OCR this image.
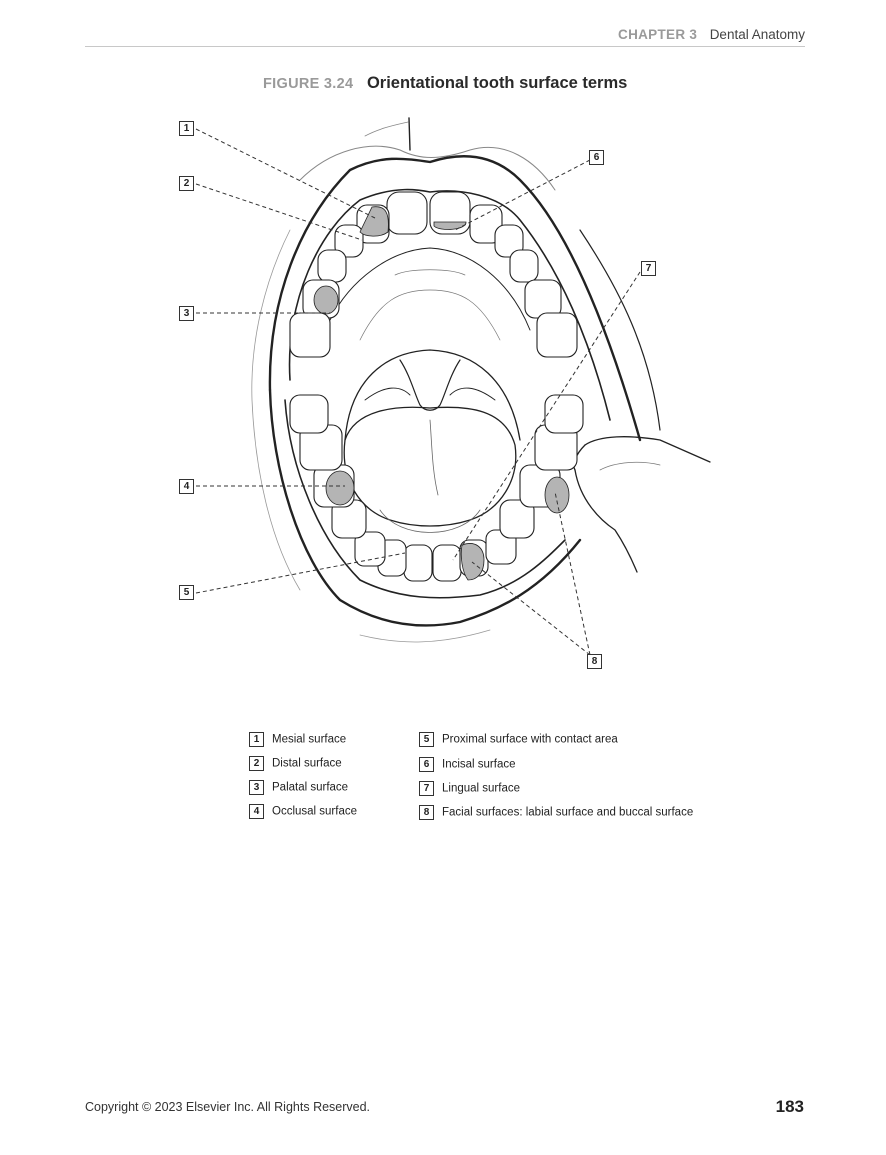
CHAPTER 3 Dental Anatomy
FIGURE 3.24 Orientational tooth surface terms
1
2
3
4
5
6
7
8
1 Mesial surface
2 Distal surface
3 Palatal surface
4 Occlusal surface
5 Proximal surface with contact area
6 Incisal surface
7 Lingual surface
8 Facial surfaces: labial surface and buccal surface
Copyright © 2023 Elsevier Inc. All Rights Reserved.	183
